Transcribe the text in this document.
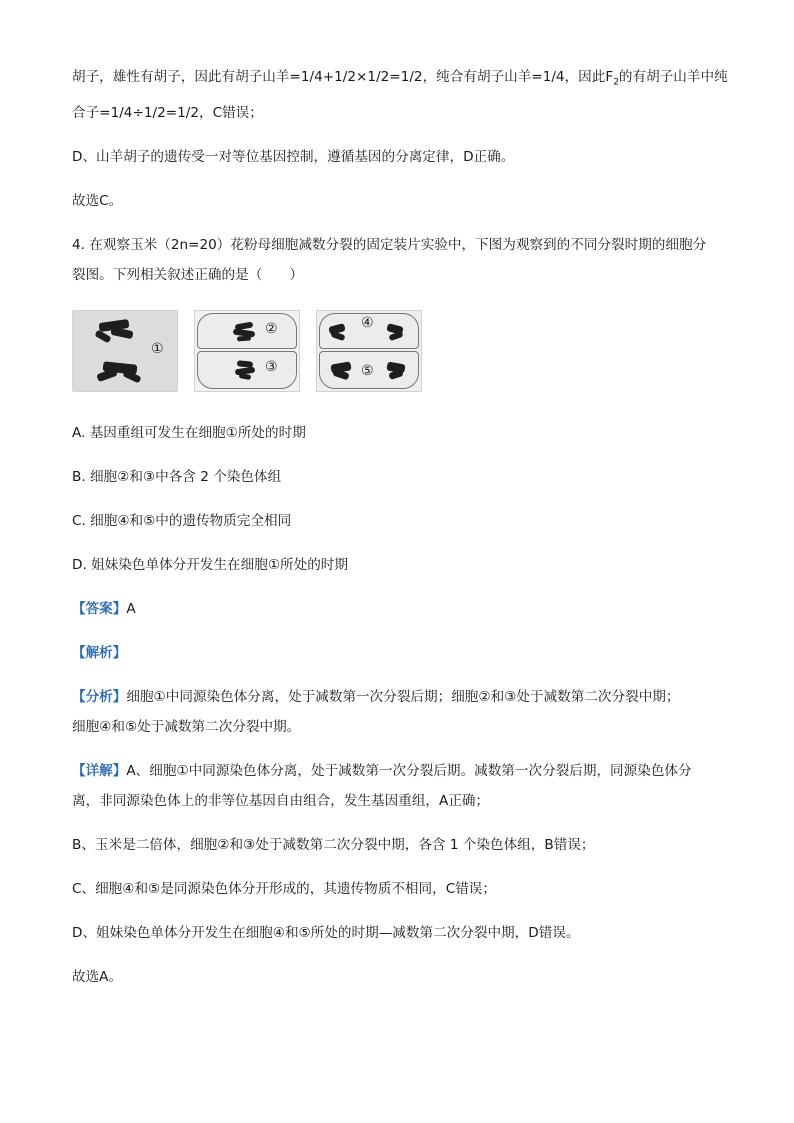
胡子，雄性有胡子，因此有胡子山羊=1/4+1/2×1/2=1/2，纯合有胡子山羊=1/4，因此$F_2$的有胡子山羊中纯
合子=1/4÷1/2=1/2，C错误；
D、山羊胡子的遗传受一对等位基因控制，遵循基因的分离定律，D正确。
故选C。
4. 在观察玉米（2n=20）花粉母细胞减数分裂的固定装片实验中，下图为观察到的不同分裂时期的细胞分
裂图。下列相关叙述正确的是（　　）
①
②
③
④
⑤
A. 基因重组可发生在细胞①所处的时期
B. 细胞②和③中各含 2 个染色体组
C. 细胞④和⑤中的遗传物质完全相同
D. 姐妹染色单体分开发生在细胞①所处的时期
【答案】A
【解析】
【分析】细胞①中同源染色体分离，处于减数第一次分裂后期；细胞②和③处于减数第二次分裂中期；
细胞④和⑤处于减数第二次分裂中期。
【详解】A、细胞①中同源染色体分离，处于减数第一次分裂后期。减数第一次分裂后期，同源染色体分
离，非同源染色体上的非等位基因自由组合，发生基因重组，A正确；
B、玉米是二倍体，细胞②和③处于减数第二次分裂中期，各含 1 个染色体组，B错误；
C、细胞④和⑤是同源染色体分开形成的，其遗传物质不相同，C错误；
D、姐妹染色单体分开发生在细胞④和⑤所处的时期—减数第二次分裂中期，D错误。
故选A。
